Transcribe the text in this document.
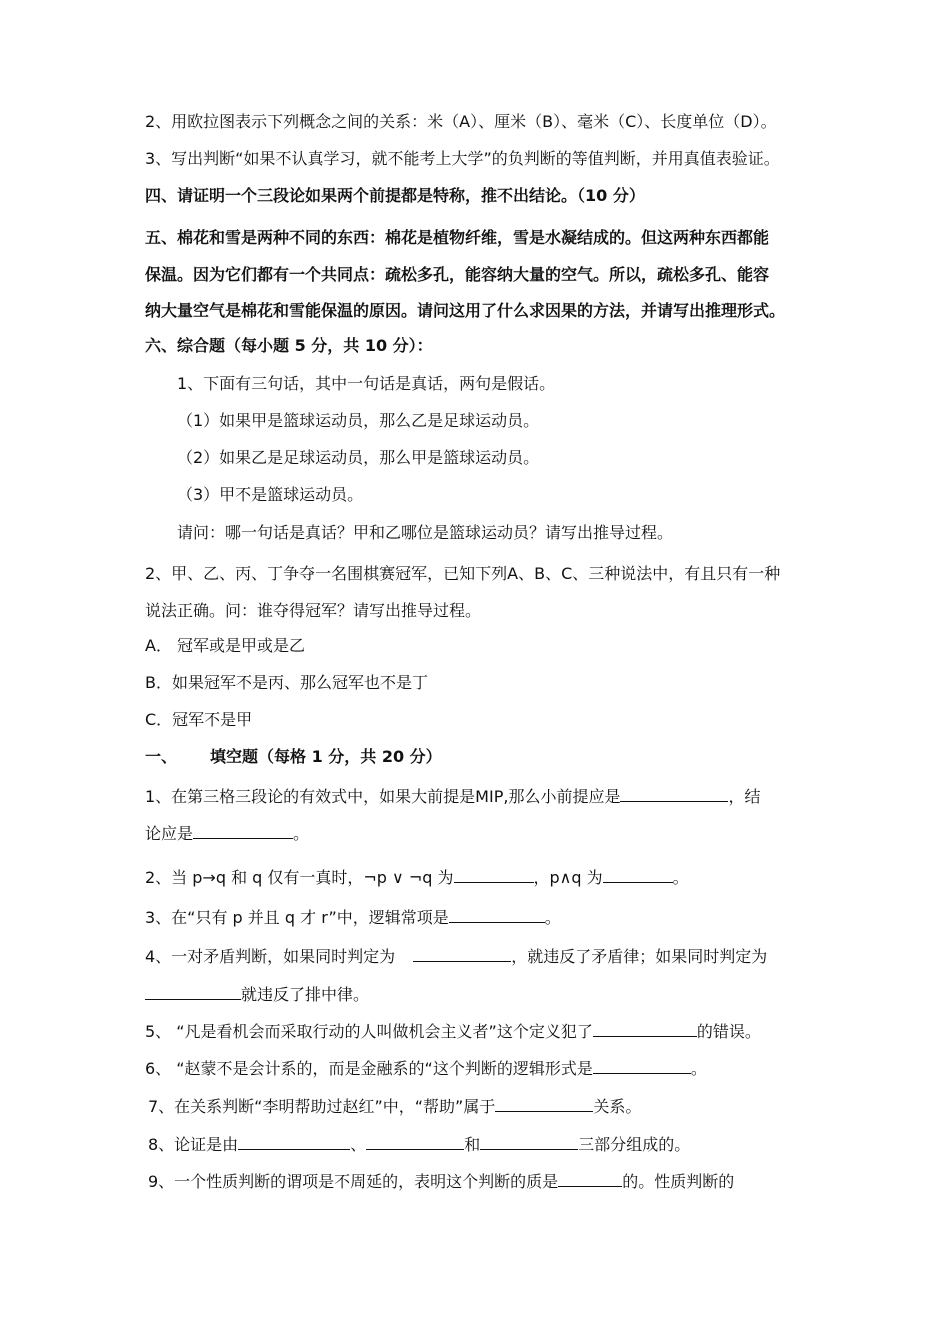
2、用欧拉图表示下列概念之间的关系：米（A）、厘米（B）、毫米（C）、长度单位（D）。
3、写出判断“如果不认真学习，就不能考上大学”的负判断的等值判断，并用真值表验证。
四、请证明一个三段论如果两个前提都是特称，推不出结论。（10 分）
五、棉花和雪是两种不同的东西：棉花是植物纤维，雪是水凝结成的。但这两种东西都能
保温。因为它们都有一个共同点：疏松多孔，能容纳大量的空气。所以，疏松多孔、能容
纳大量空气是棉花和雪能保温的原因。请问这用了什么求因果的方法，并请写出推理形式。
六、综合题（每小题 5 分，共 10 分）：
1、下面有三句话，其中一句话是真话，两句是假话。
（1）如果甲是篮球运动员，那么乙是足球运动员。
（2）如果乙是足球运动员，那么甲是篮球运动员。
（3）甲不是篮球运动员。
请问：哪一句话是真话？甲和乙哪位是篮球运动员？请写出推导过程。
2、甲、乙、丙、丁争夺一名围棋赛冠军，已知下列A、B、C、三种说法中，有且只有一种
说法正确。问：谁夺得冠军？请写出推导过程。
A． 冠军或是甲或是乙
B．如果冠军不是丙、那么冠军也不是丁
C．冠军不是甲
一、 填空题（每格 1 分，共 20 分）
1、在第三格三段论的有效式中，如果大前提是MIP,那么小前提应是	，结
论应是	。
2、当 p→q 和 q 仅有一真时，¬p ∨ ¬q 为	，p∧q 为	。
3、在“只有 p 并且 q 才 r”中，逻辑常项是	。
4、一对矛盾判断，如果同时判定为	，就违反了矛盾律；如果同时判定为
就违反了排中律。
5、 “凡是看机会而采取行动的人叫做机会主义者”这个定义犯了	的错误。
6、 “赵蒙不是会计系的，而是金融系的“这个判断的逻辑形式是	。
7、在关系判断“李明帮助过赵红”中，“帮助”属于	关系。
8、论证是由	、	和	三部分组成的。
9、一个性质判断的谓项是不周延的，表明这个判断的质是	的。性质判断的
